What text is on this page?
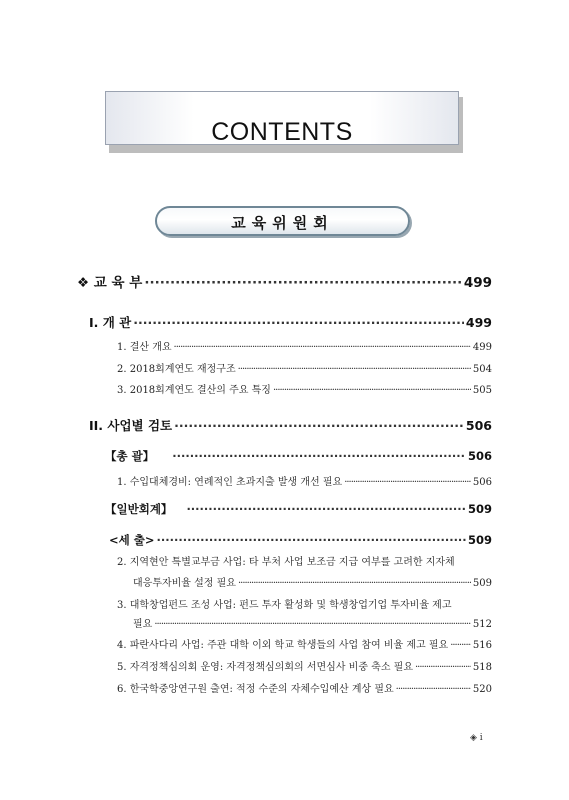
CONTENTS
교육위원회
❖ 교 육 부 ·····	499
I. 개 관 ·····	499
1. 결산 개요 ·····	499
2. 2018회계연도 재정구조 ·····	504
3. 2018회계연도 결산의 주요 특징 ·····	505
II. 사업별 검토 ·····	506
【총 괄】 ·····	506
1. 수입대체경비: 연례적인 초과지출 발생 개선 필요 ·····	506
【일반회계】 ·····	509
<세 출> ·····	509
2. 지역현안 특별교부금 사업: 타 부처 사업 보조금 지급 여부를 고려한 지자체
대응투자비율 설정 필요 ·····	509
3. 대학창업펀드 조성 사업: 펀드 투자 활성화 및 학생창업기업 투자비율 제고
필요 ·····	512
4. 파란사다리 사업: 주관 대학 이외 학교 학생들의 사업 참여 비율 제고 필요 ····· 516
5. 자격정책심의회 운영: 자격정책심의회의 서면심사 비중 축소 필요 ·····	518
6. 한국학중앙연구원 출연: 적정 수준의 자체수입예산 계상 필요 ·····	520
◈ i
